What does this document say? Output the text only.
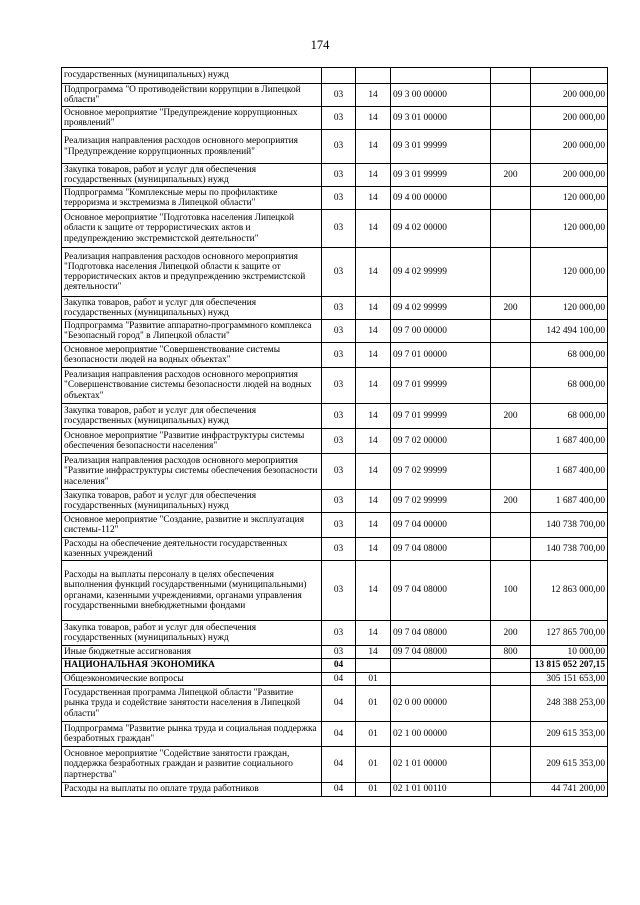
174
государственных (муниципальных) нужд					
Подпрограмма "О противодействии коррупции в Липецкой области"	03	14	09 3 00 00000		200 000,00
Основное мероприятие "Предупреждение коррупционных проявлений"	03	14	09 3 01 00000		200 000,00
Реализация направления расходов основного мероприятия "Предупреждение коррупционных проявлений"	03	14	09 3 01 99999		200 000,00
Закупка товаров, работ и услуг для обеспечения государственных (муниципальных) нужд	03	14	09 3 01 99999	200	200 000,00
Подпрограмма "Комплексные меры по профилактике терроризма и экстремизма в Липецкой области"	03	14	09 4 00 00000		120 000,00
Основное мероприятие "Подготовка населения Липецкой области к защите от террористических актов и предупреждению экстремистской деятельности"	03	14	09 4 02 00000		120 000,00
Реализация направления расходов основного мероприятия "Подготовка населения Липецкой области к защите от террористических актов и предупреждению экстремистской деятельности"	03	14	09 4 02 99999		120 000,00
Закупка товаров, работ и услуг для обеспечения государственных (муниципальных) нужд	03	14	09 4 02 99999	200	120 000,00
Подпрограмма "Развитие аппаратно-программного комплекса "Безопасный город" в Липецкой области"	03	14	09 7 00 00000		142 494 100,00
Основное мероприятие "Совершенствование системы безопасности людей на водных объектах"	03	14	09 7 01 00000		68 000,00
Реализация направления расходов основного мероприятия "Совершенствование системы безопасности людей на водных объектах"	03	14	09 7 01 99999		68 000,00
Закупка товаров, работ и услуг для обеспечения государственных (муниципальных) нужд	03	14	09 7 01 99999	200	68 000,00
Основное мероприятие "Развитие инфраструктуры системы обеспечения безопасности населения"	03	14	09 7 02 00000		1 687 400,00
Реализация направления расходов основного мероприятия "Развитие инфраструктуры системы обеспечения безопасности населения"	03	14	09 7 02 99999		1 687 400,00
Закупка товаров, работ и услуг для обеспечения государственных (муниципальных) нужд	03	14	09 7 02 99999	200	1 687 400,00
Основное мероприятие "Создание, развитие и эксплуатация системы-112"	03	14	09 7 04 00000		140 738 700,00
Расходы на обеспечение деятельности государственных казенных учреждений	03	14	09 7 04 08000		140 738 700,00
Расходы на выплаты персоналу в целях обеспечения выполнения функций государственными (муниципальными) органами, казенными учреждениями, органами управления государственными внебюджетными фондами	03	14	09 7 04 08000	100	12 863 000,00
Закупка товаров, работ и услуг для обеспечения государственных (муниципальных) нужд	03	14	09 7 04 08000	200	127 865 700,00
Иные бюджетные ассигнования	03	14	09 7 04 08000	800	10 000,00
НАЦИОНАЛЬНАЯ ЭКОНОМИКА	04				13 815 052 207,15
Общеэкономические вопросы	04	01			305 151 653,00
Государственная программа Липецкой области "Развитие рынка труда и содействие занятости населения в Липецкой области"	04	01	02 0 00 00000		248 388 253,00
Подпрограмма "Развитие рынка труда и социальная поддержка безработных граждан"	04	01	02 1 00 00000		209 615 353,00
Основное мероприятие "Содействие занятости граждан, поддержка безработных граждан и развитие социального партнерства"	04	01	02 1 01 00000		209 615 353,00
Расходы на выплаты по оплате труда работников	04	01	02 1 01 00110		44 741 200,00
